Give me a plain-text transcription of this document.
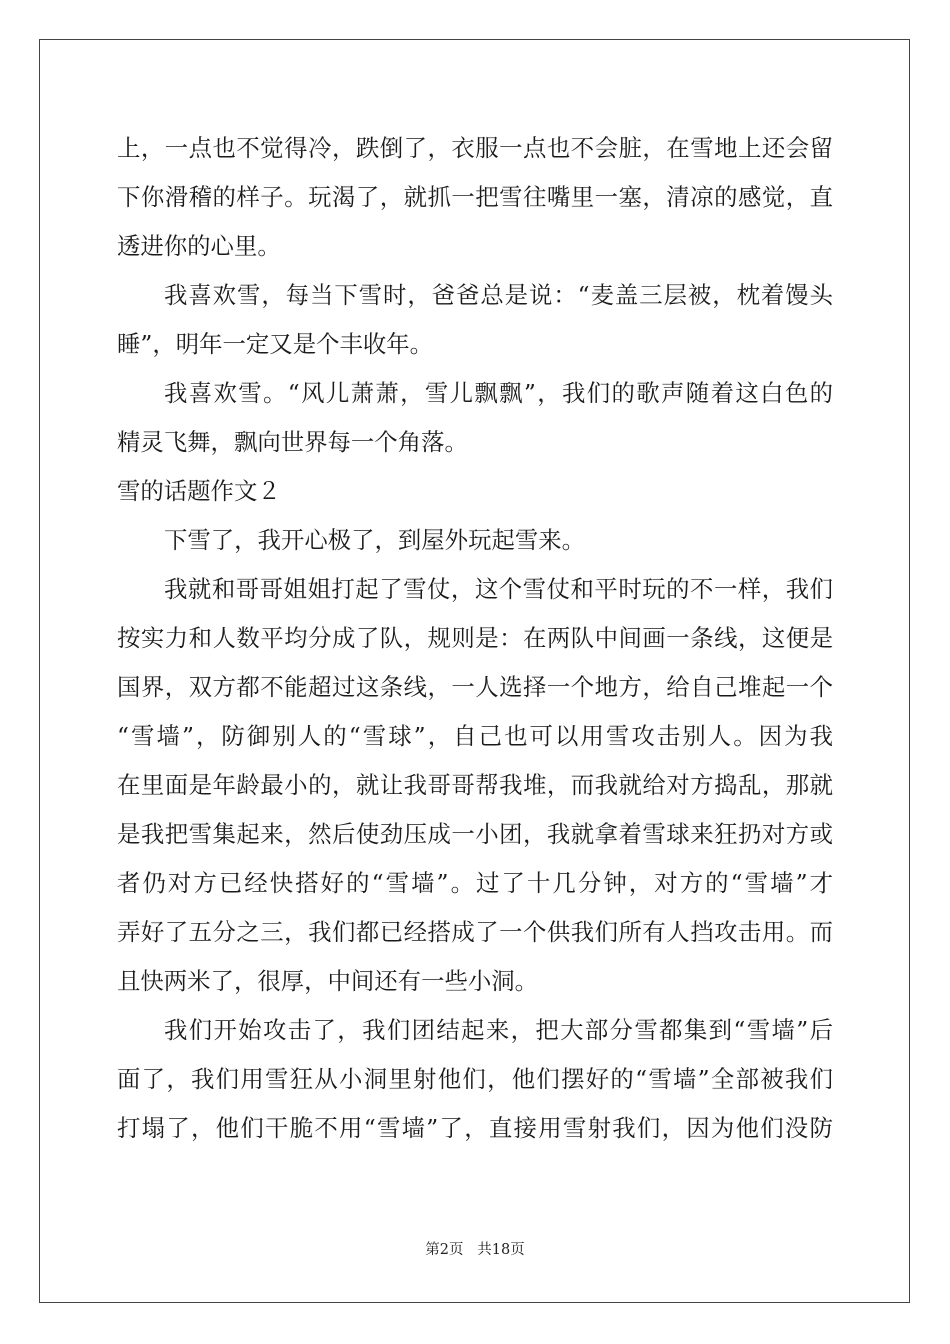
上，一点也不觉得冷，跌倒了，衣服一点也不会脏，在雪地上还会留
下你滑稽的样子。玩渴了，就抓一把雪往嘴里一塞，清凉的感觉，直
透进你的心里。
我喜欢雪，每当下雪时，爸爸总是说：“麦盖三层被，枕着馒头
睡”，明年一定又是个丰收年。
我喜欢雪。“风儿萧萧，雪儿飘飘”，我们的歌声随着这白色的
精灵飞舞，飘向世界每一个角落。
雪的话题作文２
下雪了，我开心极了，到屋外玩起雪来。
我就和哥哥姐姐打起了雪仗，这个雪仗和平时玩的不一样，我们
按实力和人数平均分成了队，规则是：在两队中间画一条线，这便是
国界，双方都不能超过这条线，一人选择一个地方，给自己堆起一个
“雪墙”，防御别人的“雪球”，自己也可以用雪攻击别人。因为我
在里面是年龄最小的，就让我哥哥帮我堆，而我就给对方捣乱，那就
是我把雪集起来，然后使劲压成一小团，我就拿着雪球来狂扔对方或
者仍对方已经快搭好的“雪墙”。过了十几分钟，对方的“雪墙”才
弄好了五分之三，我们都已经搭成了一个供我们所有人挡攻击用。而
且快两米了，很厚，中间还有一些小洞。
我们开始攻击了，我们团结起来，把大部分雪都集到“雪墙”后
面了，我们用雪狂从小洞里射他们，他们摆好的“雪墙”全部被我们
打塌了，他们干脆不用“雪墙”了，直接用雪射我们，因为他们没防
第2页 共18页
